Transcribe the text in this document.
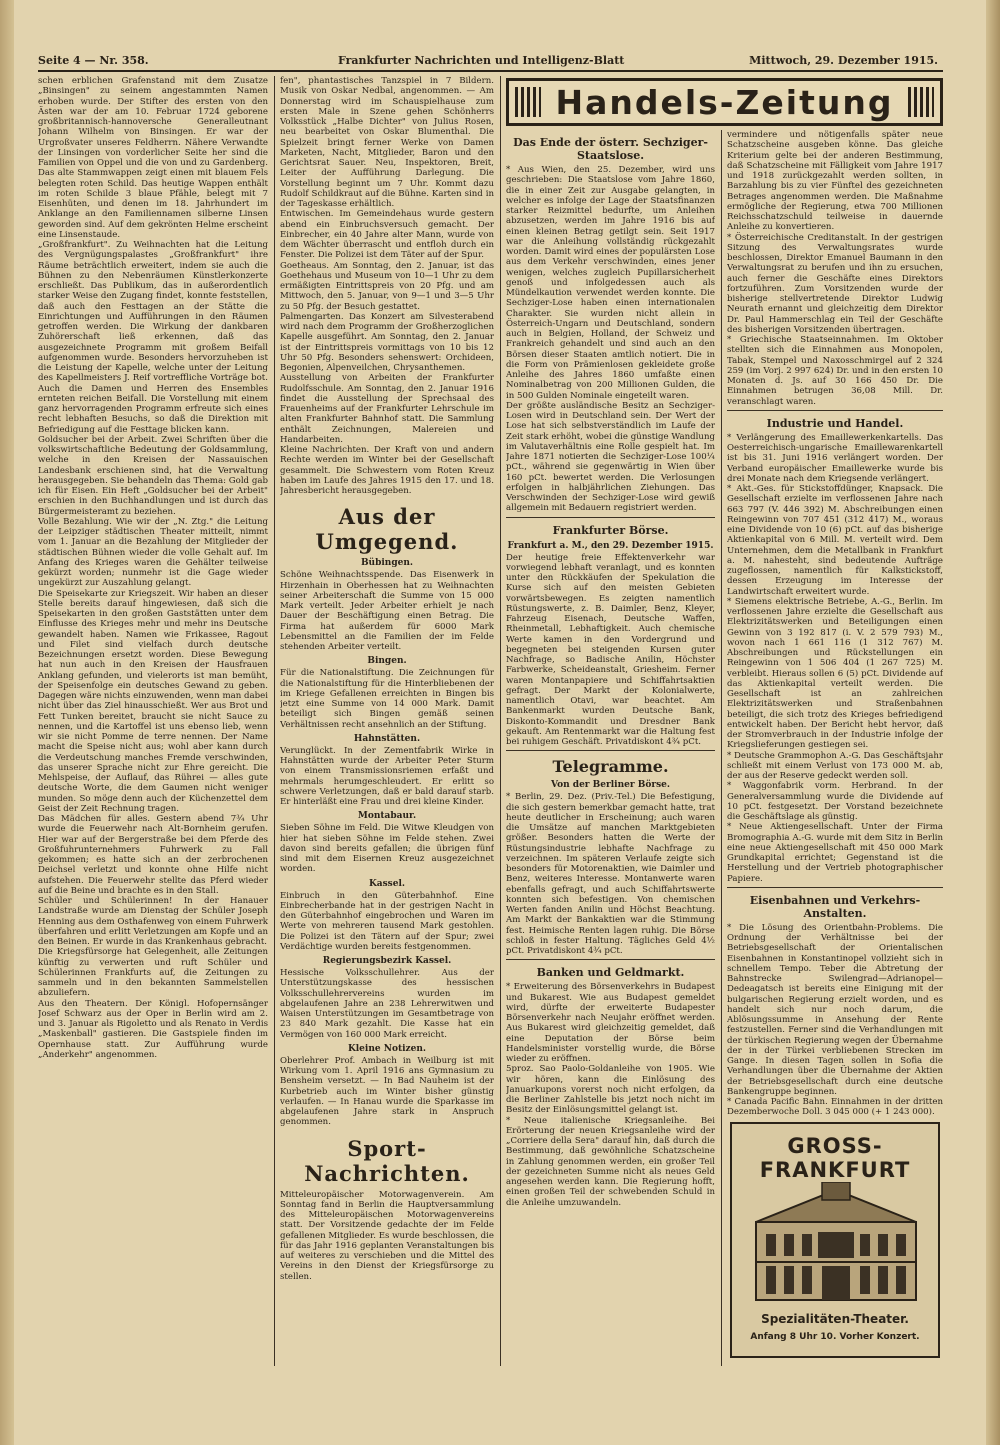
Seite 4 — Nr. 358.	Frankfurter Nachrichten und Intelligenz-Blatt	Mittwoch, 29. Dezember 1915.

schen erblichen Grafenstand mit dem Zusatze „Binsingen" zu seinem angestammten Namen erhoben wurde. Der Stifter des ersten von den Ästen war der am 10. Februar 1724 geborene großbritannisch-hannoversche Generalleutnant Johann Wilhelm von Binsingen. Er war der Urgroßvater unseres Feldherrn. Nähere Verwandte der Linsingen von vorderlicher Seite her sind die Familien von Oppel und die von und zu Gardenberg. Das alte Stammwappen zeigt einen mit blauem Fels belegten roten Schild. Das heutige Wappen enthält im roten Schilde 3 blaue Pfähle, belegt mit 7 Eisenhüten, und denen im 18. Jahrhundert im Anklange an den Familiennamen silberne Linsen geworden sind. Auf dem gekrönten Helme erscheint eine Linsenstaude.

„Großfrankfurt". Zu Weihnachten hat die Leitung des Vergnügungspalastes „Großfrankfurt" ihre Räume beträchtlich erweitert, indem sie auch die Bühnen zu den Nebenräumen Künstlerkonzerte erschließt. Das Publikum, das in außerordentlich starker Weise den Zugang findet, konnte feststellen, daß auch den Festtagen an der Stätte die Einrichtungen und Aufführungen in den Räumen getroffen werden. Die Wirkung der dankbaren Zuhörerschaft ließ erkennen, daß das ausgezeichnete Programm mit großem Beifall aufgenommen wurde. Besonders hervorzuheben ist die Leistung der Kapelle, welche unter der Leitung des Kapellmeisters J. Reif vortreffliche Vorträge bot. Auch die Damen und Herren des Ensembles ernteten reichen Beifall. Die Vorstellung mit einem ganz hervorragenden Programm erfreute sich eines recht lebhaften Besuchs, so daß die Direktion mit Befriedigung auf die Festtage blicken kann.

Goldsucher bei der Arbeit. Zwei Schriften über die volkswirtschaftliche Bedeutung der Goldsammlung, welche in den Kreisen der Nassauischen Landesbank erschienen sind, hat die Verwaltung herausgegeben. Sie behandeln das Thema: Gold gab ich für Eisen. Ein Heft „Goldsucher bei der Arbeit" erschien in den Buchhandlungen und ist durch das Bürgermeisteramt zu beziehen.

Volle Bezahlung. Wie wir der „N. Ztg." die Leitung der Leipziger städtischen Theater mitteilt, nimmt vom 1. Januar an die Bezahlung der Mitglieder der städtischen Bühnen wieder die volle Gehalt auf. Im Anfang des Krieges waren die Gehälter teilweise gekürzt worden; nunmehr ist die Gage wieder ungekürzt zur Auszahlung gelangt.

Die Speisekarte zur Kriegszeit. Wir haben an dieser Stelle bereits darauf hingewiesen, daß sich die Speisekarten in den großen Gaststätten unter dem Einflusse des Krieges mehr und mehr ins Deutsche gewandelt haben. Namen wie Frikassee, Ragout und Filet sind vielfach durch deutsche Bezeichnungen ersetzt worden. Diese Bewegung hat nun auch in den Kreisen der Hausfrauen Anklang gefunden, und vielerorts ist man bemüht, der Speisenfolge ein deutsches Gewand zu geben. Dagegen wäre nichts einzuwenden, wenn man dabei nicht über das Ziel hinausschießt. Wer aus Brot und Fett Tunken bereitet, braucht sie nicht Sauce zu nennen, und die Kartoffel ist uns ebenso lieb, wenn wir sie nicht Pomme de terre nennen. Der Name macht die Speise nicht aus; wohl aber kann durch die Verdeutschung manches Fremde verschwinden, das unserer Sprache nicht zur Ehre gereicht. Die Mehlspeise, der Auflauf, das Rührei — alles gute deutsche Worte, die dem Gaumen nicht weniger munden. So möge denn auch der Küchenzettel dem Geist der Zeit Rechnung tragen.

Das Mädchen für alles. Gestern abend 7¾ Uhr wurde die Feuerwehr nach Alt-Bornheim gerufen. Hier war auf der Bergerstraße bei dem Pferde des Großfuhrunternehmers Fuhrwerk zu Fall gekommen; es hatte sich an der zerbrochenen Deichsel verletzt und konnte ohne Hilfe nicht aufstehen. Die Feuerwehr stellte das Pferd wieder auf die Beine und brachte es in den Stall.

Schüler und Schülerinnen! In der Hanauer Landstraße wurde am Dienstag der Schüler Joseph Henning aus dem Osthafenweg von einem Fuhrwerk überfahren und erlitt Verletzungen am Kopfe und an den Beinen. Er wurde in das Krankenhaus gebracht.

Die Kriegsfürsorge hat Gelegenheit, alle Zeitungen künftig zu verwerten und ruft Schüler und Schülerinnen Frankfurts auf, die Zeitungen zu sammeln und in den bekannten Sammelstellen abzuliefern.

Aus den Theatern. Der Königl. Hofopernsänger Josef Schwarz aus der Oper in Berlin wird am 2. und 3. Januar als Rigoletto und als Renato in Verdis „Maskenball" gastieren. Die Gastspiele finden im Opernhause statt. Zur Aufführung wurde „Anderkehr" angenommen.

fen", phantastisches Tanzspiel in 7 Bildern. Musik von Oskar Nedbal, angenommen. — Am Donnerstag wird im Schauspielhause zum ersten Male in Szene gehen Schönherrs Volksstück „Halbe Dichter" von Julius Rosen, neu bearbeitet von Oskar Blumenthal. Die Spielzeit bringt ferner Werke von Damen Marketen, Nacht, Mitglieder, Baron und den Gerichtsrat Sauer. Neu, Inspektoren, Breit, Leiter der Aufführung Darlegung. Die Vorstellung beginnt um 7 Uhr. Kommt dazu Rudolf Schildkraut auf die Bühne. Karten sind in der Tageskasse erhältlich.

Entwischen. Im Gemeindehaus wurde gestern abend ein Einbruchsversuch gemacht. Der Einbrecher, ein 40 Jahre alter Mann, wurde von dem Wächter überrascht und entfloh durch ein Fenster. Die Polizei ist dem Täter auf der Spur.

Goetheaus. Am Sonntag, den 2. Januar, ist das Goethehaus und Museum von 10—1 Uhr zu dem ermäßigten Eintrittspreis von 20 Pfg. und am Mittwoch, den 5. Januar, von 9—1 und 3—5 Uhr zu 50 Pfg. der Besuch gestattet.

Palmengarten. Das Konzert am Silvesterabend wird nach dem Programm der Großherzoglichen Kapelle ausgeführt. Am Sonntag, den 2. Januar ist der Eintrittspreis vormittags von 10 bis 12 Uhr 50 Pfg. Besonders sehenswert: Orchideen, Begonien, Alpenveilchen, Chrysanthemen.

Ausstellung von Arbeiten der Frankfurter Rudolfsschule. Am Sonntag, den 2. Januar 1916 findet die Ausstellung der Sprechsaal des Frauenheims auf der Frankfurter Lehrschule im alten Frankfurter Bahnhof statt. Die Sammlung enthält Zeichnungen, Malereien und Handarbeiten.

Kleine Nachrichten. Der Kraft von und andern Rechte werden im Winter bei der Gesellschaft gesammelt. Die Schwestern vom Roten Kreuz haben im Laufe des Jahres 1915 den 17. und 18. Jahresbericht herausgegeben.

Aus der Umgegend.
Bübingen.

Schöne Weihnachtsspende. Das Eisenwerk in Hirzenhain in Oberhessen hat zu Weihnachten seiner Arbeiterschaft die Summe von 15 000 Mark verteilt. Jeder Arbeiter erhielt je nach Dauer der Beschäftigung einen Betrag. Die Firma hat außerdem für 6000 Mark Lebensmittel an die Familien der im Felde stehenden Arbeiter verteilt.

Bingen.

Für die Nationalstiftung. Die Zeichnungen für die Nationalstiftung für die Hinterbliebenen der im Kriege Gefallenen erreichten in Bingen bis jetzt eine Summe von 14 000 Mark. Damit beteiligt sich Bingen gemäß seinen Verhältnissen recht ansehnlich an der Stiftung.

Hahnstätten.

Verunglückt. In der Zementfabrik Wirke in Hahnstätten wurde der Arbeiter Peter Sturm von einem Transmissionsriemen erfaßt und mehrmals herumgeschleudert. Er erlitt so schwere Verletzungen, daß er bald darauf starb. Er hinterläßt eine Frau und drei kleine Kinder.

Montabaur.

Sieben Söhne im Feld. Die Witwe Kleudgen von hier hat sieben Söhne im Felde stehen. Zwei davon sind bereits gefallen; die übrigen fünf sind mit dem Eisernen Kreuz ausgezeichnet worden.

Kassel.

Einbruch in den Güterbahnhof. Eine Einbrecherbande hat in der gestrigen Nacht in den Güterbahnhof eingebrochen und Waren im Werte von mehreren tausend Mark gestohlen. Die Polizei ist den Tätern auf der Spur; zwei Verdächtige wurden bereits festgenommen.

Regierungsbezirk Kassel.

Hessische Volksschullehrer. Aus der Unterstützungskasse des hessischen Volksschullehrervereins wurden im abgelaufenen Jahre an 238 Lehrerwitwen und Waisen Unterstützungen im Gesamtbetrage von 23 840 Mark gezahlt. Die Kasse hat ein Vermögen von 160 000 Mark erreicht.

Kleine Notizen.

Oberlehrer Prof. Ambach in Weilburg ist mit Wirkung vom 1. April 1916 ans Gymnasium zu Bensheim versetzt. — In Bad Nauheim ist der Kurbetrieb auch im Winter bisher günstig verlaufen. — In Hanau wurde die Sparkasse im abgelaufenen Jahre stark in Anspruch genommen.

Sport-Nachrichten.

Mitteleuropäischer Motorwagenverein. Am Sonntag fand in Berlin die Hauptversammlung des Mitteleuropäischen Motorwagenvereins statt. Der Vorsitzende gedachte der im Felde gefallenen Mitglieder. Es wurde beschlossen, die für das Jahr 1916 geplanten Veranstaltungen bis auf weiteres zu verschieben und die Mittel des Vereins in den Dienst der Kriegsfürsorge zu stellen.

Handels-Zeitung
Das Ende der österr. Sechziger-Staatslose.

* Aus Wien, den 25. Dezember, wird uns geschrieben: Die Staatslose vom Jahre 1860, die in einer Zeit zur Ausgabe gelangten, in welcher es infolge der Lage der Staatsfinanzen starker Reizmittel bedurfte, um Anleihen abzusetzen, werden im Jahre 1916 bis auf einen kleinen Betrag getilgt sein. Seit 1917 war die Anleihung vollständig rückgezahlt worden. Damit wird eines der populärsten Lose aus dem Verkehr verschwinden, eines jener wenigen, welches zugleich Pupillarsicherheit genoß und infolgedessen auch als Mündelkaution verwendet werden konnte. Die Sechziger-Lose haben einen internationalen Charakter. Sie wurden nicht allein in Österreich-Ungarn und Deutschland, sondern auch in Belgien, Holland, der Schweiz und Frankreich gehandelt und sind auch an den Börsen dieser Staaten amtlich notiert. Die in die Form von Prämienlosen gekleidete große Anleihe des Jahres 1860 umfaßte einen Nominalbetrag von 200 Millionen Gulden, die in 500 Gulden Nominale eingeteilt waren.

Der größte ausländische Besitz an Sechziger-Losen wird in Deutschland sein. Der Wert der Lose hat sich selbstverständlich im Laufe der Zeit stark erhöht, wobei die günstige Wandlung im Valutaverhältnis eine Rolle gespielt hat. Im Jahre 1871 notierten die Sechziger-Lose 100¼ pCt., während sie gegenwärtig in Wien über 160 pCt. bewertet werden. Die Verlosungen erfolgen in halbjährlichen Ziehungen. Das Verschwinden der Sechziger-Lose wird gewiß allgemein mit Bedauern registriert werden.

Frankfurter Börse.
Frankfurt a. M., den 29. Dezember 1915.

Der heutige freie Effektenverkehr war vorwiegend lebhaft veranlagt, und es konnten unter den Rückkäufen der Spekulation die Kurse sich auf den meisten Gebieten vorwärtsbewegen. Es zeigten namentlich Rüstungswerte, z. B. Daimler, Benz, Kleyer, Fahrzeug Eisenach, Deutsche Waffen, Rheinmetall, Lebhaftigkeit. Auch chemische Werte kamen in den Vordergrund und begegneten bei steigenden Kursen guter Nachfrage, so Badische Anilin, Höchster Farbwerke, Scheideanstalt, Griesheim. Ferner waren Montanpapiere und Schiffahrtsaktien gefragt. Der Markt der Kolonialwerte, namentlich Otavi, war beachtet. Am Bankenmarkt wurden Deutsche Bank, Diskonto-Kommandit und Dresdner Bank gekauft. Am Rentenmarkt war die Haltung fest bei ruhigem Geschäft. Privatdiskont 4¾ pCt.

Telegramme.
Von der Berliner Börse.

* Berlin, 29. Dez. (Priv.-Tel.) Die Befestigung, die sich gestern bemerkbar gemacht hatte, trat heute deutlicher in Erscheinung; auch waren die Umsätze auf manchen Marktgebieten größer. Besonders hatten die Werte der Rüstungsindustrie lebhafte Nachfrage zu verzeichnen. Im späteren Verlaufe zeigte sich besonders für Motorenaktien, wie Daimler und Benz, weiteres Interesse. Montanwerte waren ebenfalls gefragt, und auch Schiffahrtswerte konnten sich befestigen. Von chemischen Werten fanden Anilin und Höchst Beachtung. Am Markt der Bankaktien war die Stimmung fest. Heimische Renten lagen ruhig. Die Börse schloß in fester Haltung. Tägliches Geld 4½ pCt. Privatdiskont 4¾ pCt.

Banken und Geldmarkt.

* Erweiterung des Börsenverkehrs in Budapest und Bukarest. Wie aus Budapest gemeldet wird, dürfte der erweiterte Budapester Börsenverkehr nach Neujahr eröffnet werden. Aus Bukarest wird gleichzeitig gemeldet, daß eine Deputation der Börse beim Handelsminister vorstellig wurde, die Börse wieder zu eröffnen.

5proz. Sao Paolo-Goldanleihe von 1905. Wie wir hören, kann die Einlösung des Januarkupons vorerst noch nicht erfolgen, da die Berliner Zahlstelle bis jetzt noch nicht im Besitz der Einlösungsmittel gelangt ist.

* Neue italienische Kriegsanleihe. Bei Erörterung der neuen Kriegsanleihe wird der „Corriere della Sera" darauf hin, daß durch die Bestimmung, daß gewöhnliche Schatzscheine in Zahlung genommen werden, ein großer Teil der gezeichneten Summe nicht als neues Geld angesehen werden kann. Die Regierung hofft, einen großen Teil der schwebenden Schuld in die Anleihe umzuwandeln.

vermindere und nötigenfalls später neue Schatzscheine ausgeben könne. Das gleiche Kriterium gelte bei der anderen Bestimmung, daß Schatzscheine mit Fälligkeit vom Jahre 1917 und 1918 zurückgezahlt werden sollten, in Barzahlung bis zu vier Fünftel des gezeichneten Betrages angenommen werden. Die Maßnahme ermögliche der Regierung, etwa 700 Millionen Reichsschatzschuld teilweise in dauernde Anleihe zu konvertieren.

* Österreichische Creditanstalt. In der gestrigen Sitzung des Verwaltungsrates wurde beschlossen, Direktor Emanuel Baumann in den Verwaltungsrat zu berufen und ihn zu ersuchen, auch ferner die Geschäfte eines Direktors fortzuführen. Zum Vorsitzenden wurde der bisherige stellvertretende Direktor Ludwig Neurath ernannt und gleichzeitig dem Direktor Dr. Paul Hammerschlag ein Teil der Geschäfte des bisherigen Vorsitzenden übertragen.

* Griechische Staatseinnahmen. Im Oktober stellten sich die Einnahmen aus Monopolen, Tabak, Stempel und Naxosschmirgel auf 2 324 259 (im Vorj. 2 997 624) Dr. und in den ersten 10 Monaten d. Js. auf 30 166 450 Dr. Die Einnahmen betrugen 36,08 Mill. Dr. veranschlagt waren.

Industrie und Handel.

* Verlängerung des Emaillewerkenkartells. Das Oesterreichisch-ungarische Emaillewarenkartell ist bis 31. Juni 1916 verlängert worden. Der Verband europäischer Emaillewerke wurde bis drei Monate nach dem Kriegsende verlängert.

* Akt.-Ges. für Stickstoffdünger, Knapsack. Die Gesellschaft erzielte im verflossenen Jahre nach 663 797 (V. 446 392) M. Abschreibungen einen Reingewinn von 707 451 (312 417) M., woraus eine Dividende von 10 (6) pCt. auf das bisherige Aktienkapital von 6 Mill. M. verteilt wird. Dem Unternehmen, dem die Metallbank in Frankfurt a. M. nahesteht, sind bedeutende Aufträge zugeflossen, namentlich für Kalkstickstoff, dessen Erzeugung im Interesse der Landwirtschaft erweitert wurde.

* Siemens elektrische Betriebe, A.-G., Berlin. Im verflossenen Jahre erzielte die Gesellschaft aus Elektrizitätswerken und Beteiligungen einen Gewinn von 3 192 817 (i. V. 2 579 793) M., wovon nach 1 661 116 (1 312 767) M. Abschreibungen und Rückstellungen ein Reingewinn von 1 506 404 (1 267 725) M. verbleibt. Hieraus sollen 6 (5) pCt. Dividende auf das Aktienkapital verteilt werden. Die Gesellschaft ist an zahlreichen Elektrizitätswerken und Straßenbahnen beteiligt, die sich trotz des Krieges befriedigend entwickelt haben. Der Bericht hebt hervor, daß der Stromverbrauch in der Industrie infolge der Kriegslieferungen gestiegen sei.

* Deutsche Grammophon A.-G. Das Geschäftsjahr schließt mit einem Verlust von 173 000 M. ab, der aus der Reserve gedeckt werden soll.

* Waggonfabrik vorm. Herbrand. In der Generalversammlung wurde die Dividende auf 10 pCt. festgesetzt. Der Vorstand bezeichnete die Geschäftslage als günstig.

* Neue Aktiengesellschaft. Unter der Firma Bromographia A.-G. wurde mit dem Sitz in Berlin eine neue Aktiengesellschaft mit 450 000 Mark Grundkapital errichtet; Gegenstand ist die Herstellung und der Vertrieb photographischer Papiere.

Eisenbahnen und Verkehrs-Anstalten.

* Die Lösung des Orientbahn-Problems. Die Ordnung der Verhältnisse bei der Betriebsgesellschaft der Orientalischen Eisenbahnen in Konstantinopel vollzieht sich in schnellem Tempo. Teber die Abtretung der Bahnstrecke Swilengrad—Adrianopel—Dedeagatsch ist bereits eine Einigung mit der bulgarischen Regierung erzielt worden, und es handelt sich nur noch darum, die Ablösungssumme in Ansehung der Rente festzustellen. Ferner sind die Verhandlungen mit der türkischen Regierung wegen der Übernahme der in der Türkei verbliebenen Strecken im Gange. In diesen Tagen sollen in Sofia die Verhandlungen über die Übernahme der Aktien der Betriebsgesellschaft durch eine deutsche Bankengruppe beginnen.

* Canada Pacific Bahn. Einnahmen in der dritten Dezemberwoche Doll. 3 045 000 (+ 1 243 000).

GROSS-FRANKFURT
Spezialitäten-Theater.
Anfang 8 Uhr 10. Vorher Konzert.
